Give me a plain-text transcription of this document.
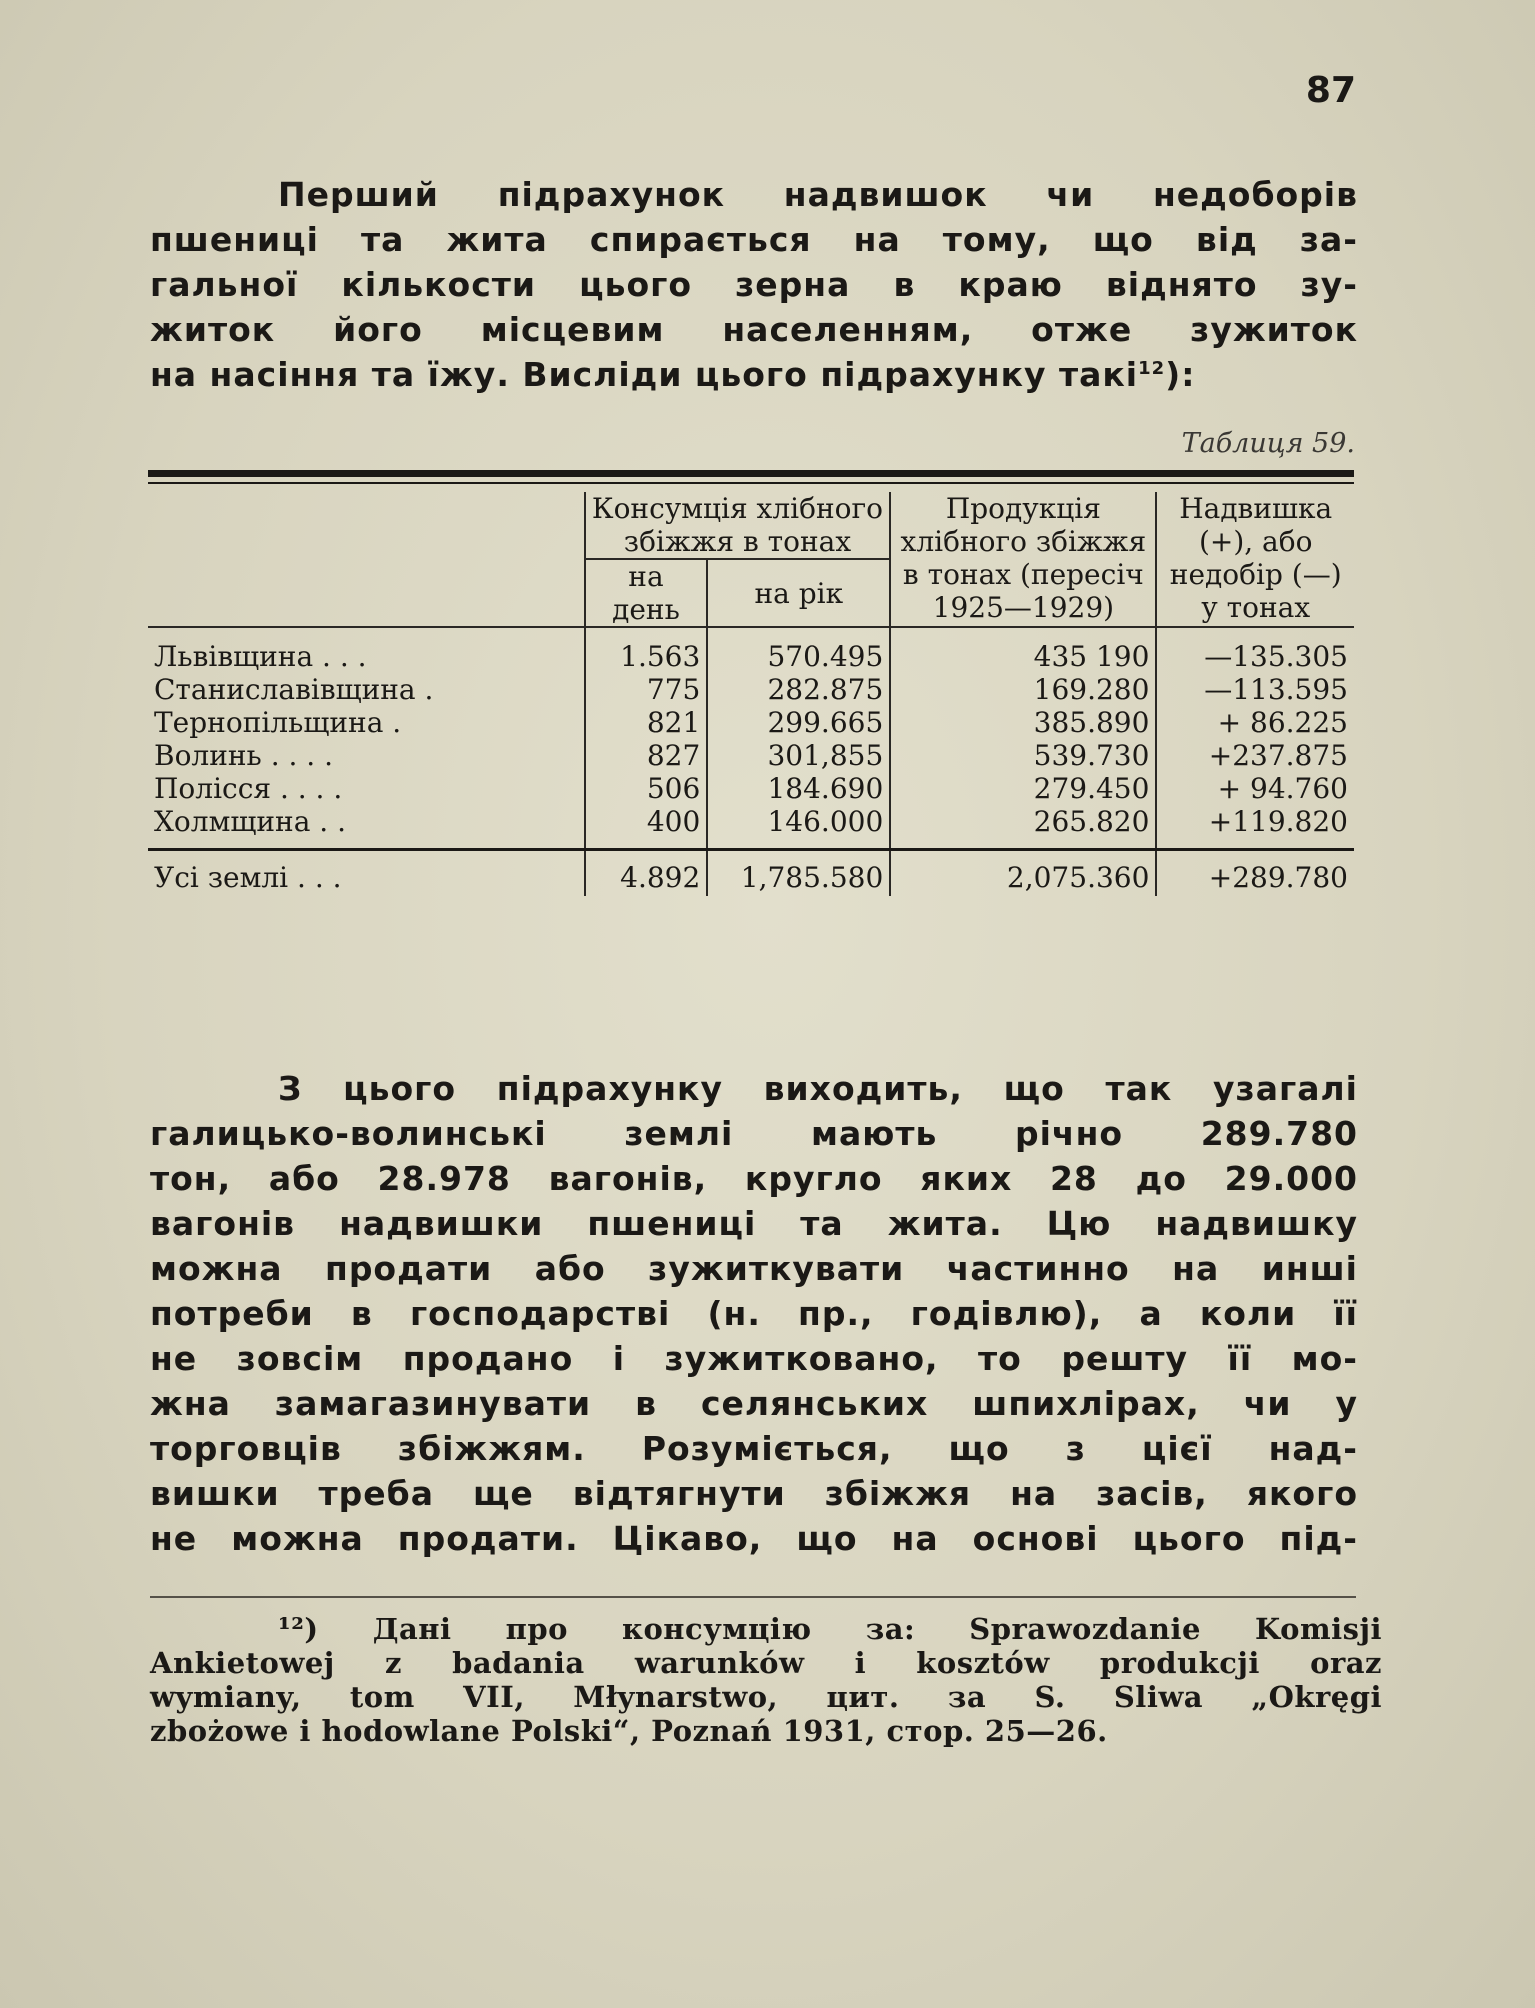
87
Перший підрахунок надвишок чи недоборів
пшениці та жита спирається на тому, що від за-
гальної кількости цього зерна в краю віднято зу-
житок його місцевим населенням, отже зужиток
на насіння та їжу. Висліди цього підрахунку такі$^{12}$):
Таблиця 59.
	Консумція хлібного збіжжя в тонах		Продукція хлібного збіжжя в тонах (пересіч 1925—1929)	Надвишка (+), або недобір (—) у тонах
	на день	на рік		
Львівщина . . .	1.563	570.495	435 190	—135.305
Станиславівщина .	775	282.875	169.280	—113.595
Тернопільщина .	821	299.665	385.890	+ 86.225
Волинь . . . .	827	301,855	539.730	+237.875
Полісся . . . .	506	184.690	279.450	+ 94.760
Холмщина . .	400	146.000	265.820	+119.820
Усі землі . . .	4.892	1,785.580	2,075.360	+289.780
З цього підрахунку виходить, що так узагалі
галицько-волинські землі мають річно 289.780
тон, або 28.978 вагонів, кругло яких 28 до 29.000
вагонів надвишки пшениці та жита. Цю надвишку
можна продати або зужиткувати частинно на инші
потреби в господарстві (н. пр., годівлю), а коли її
не зовсім продано і зужитковано, то решту її мо-
жна замагазинувати в селянських шпихлірах, чи у
торговців збіжжям. Розуміється, що з цієї над-
вишки треба ще відтягнути збіжжя на засів, якого
не можна продати. Цікаво, що на основі цього під-
¹²) Дані про консумцію за: Sprawozdanie Komisji
Ankietowej z badania warunków i kosztów produkcji oraz
wymiany, tom VII, Młynarstwo, цит. за S. Sliwa „Okręgi
zbożowe i hodowlane Polski“, Poznań 1931, стор. 25—26.
